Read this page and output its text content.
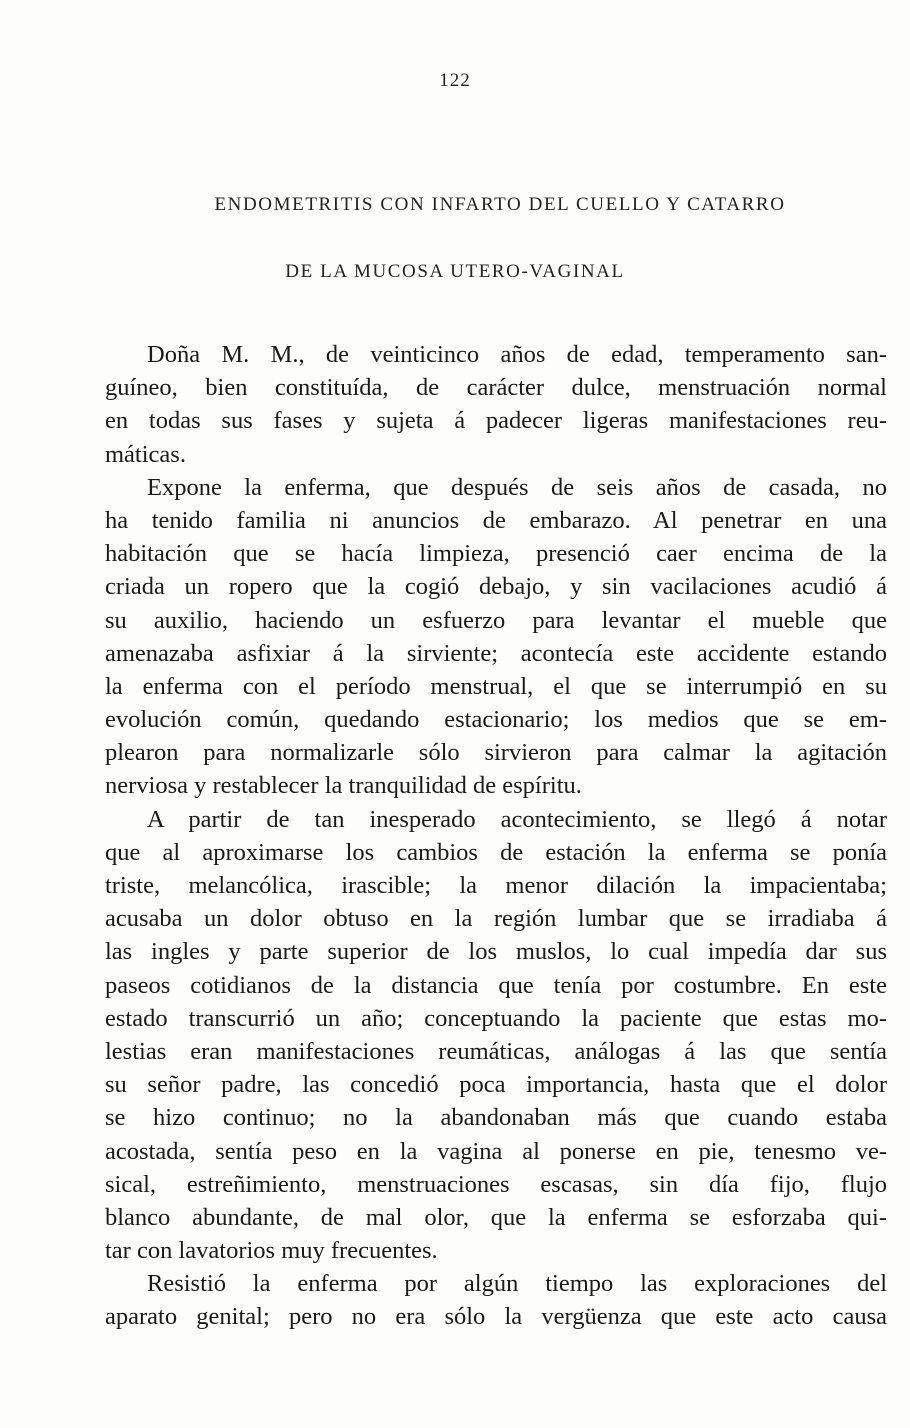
122
ENDOMETRITIS CON INFARTO DEL CUELLO Y CATARRO
DE LA MUCOSA UTERO-VAGINAL

Doña M. M., de veinticinco años de edad, temperamento san-
guíneo, bien constituída, de carácter dulce, menstruación normal
en todas sus fases y sujeta á padecer ligeras manifestaciones reu-
máticas.

Expone la enferma, que después de seis años de casada, no
ha tenido familia ni anuncios de embarazo. Al penetrar en una
habitación que se hacía limpieza, presenció caer encima de la
criada un ropero que la cogió debajo, y sin vacilaciones acudió á
su auxilio, haciendo un esfuerzo para levantar el mueble que
amenazaba asfixiar á la sirviente; acontecía este accidente estando
la enferma con el período menstrual, el que se interrumpió en su
evolución común, quedando estacionario; los medios que se em-
plearon para normalizarle sólo sirvieron para calmar la agitación
nerviosa y restablecer la tranquilidad de espíritu.

A partir de tan inesperado acontecimiento, se llegó á notar
que al aproximarse los cambios de estación la enferma se ponía
triste, melancólica, irascible; la menor dilación la impacientaba;
acusaba un dolor obtuso en la región lumbar que se irradiaba á
las ingles y parte superior de los muslos, lo cual impedía dar sus
paseos cotidianos de la distancia que tenía por costumbre. En este
estado transcurrió un año; conceptuando la paciente que estas mo-
lestias eran manifestaciones reumáticas, análogas á las que sentía
su señor padre, las concedió poca importancia, hasta que el dolor
se hizo continuo; no la abandonaban más que cuando estaba
acostada, sentía peso en la vagina al ponerse en pie, tenesmo ve-
sical, estreñimiento, menstruaciones escasas, sin día fijo, flujo
blanco abundante, de mal olor, que la enferma se esforzaba qui-
tar con lavatorios muy frecuentes.

Resistió la enferma por algún tiempo las exploraciones del
aparato genital; pero no era sólo la vergüenza que este acto causa
